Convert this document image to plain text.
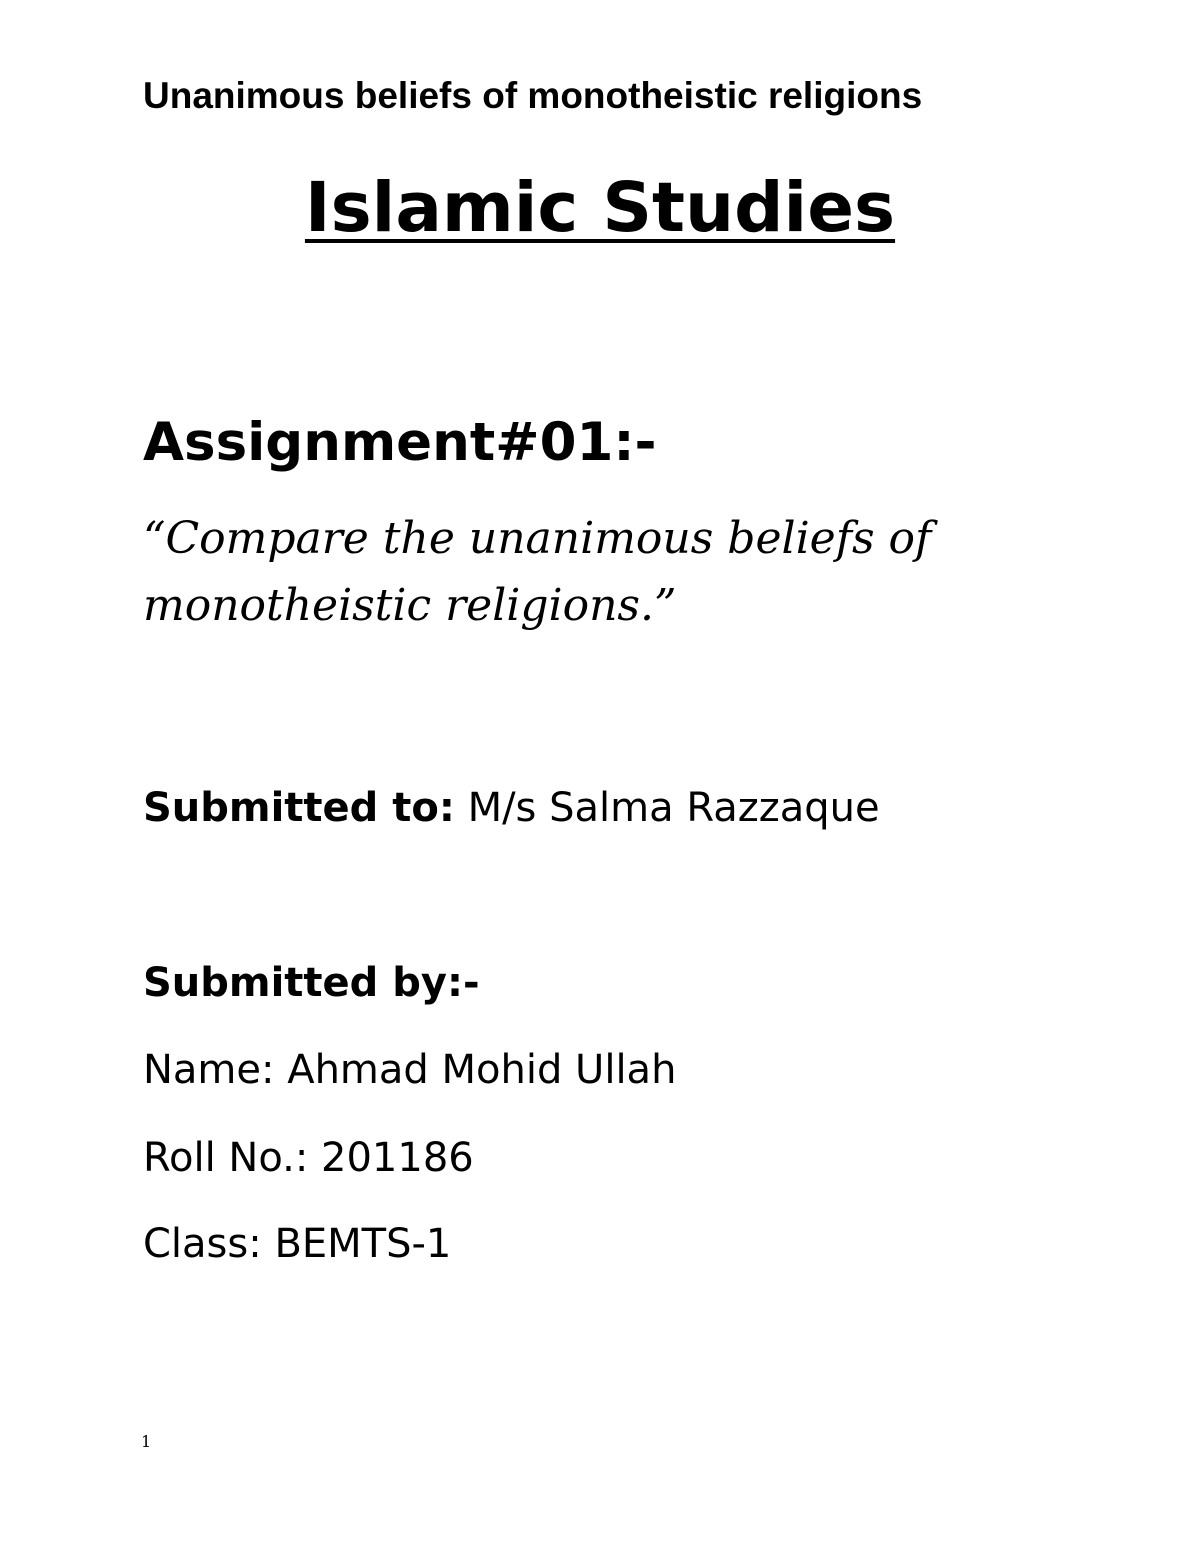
Unanimous beliefs of monotheistic religions
Islamic Studies
Assignment#01:-
“Compare the unanimous beliefs of monotheistic religions.”
Submitted to: M/s Salma Razzaque
Submitted by:-
Name: Ahmad Mohid Ullah
Roll No.: 201186
Class: BEMTS-1
1
